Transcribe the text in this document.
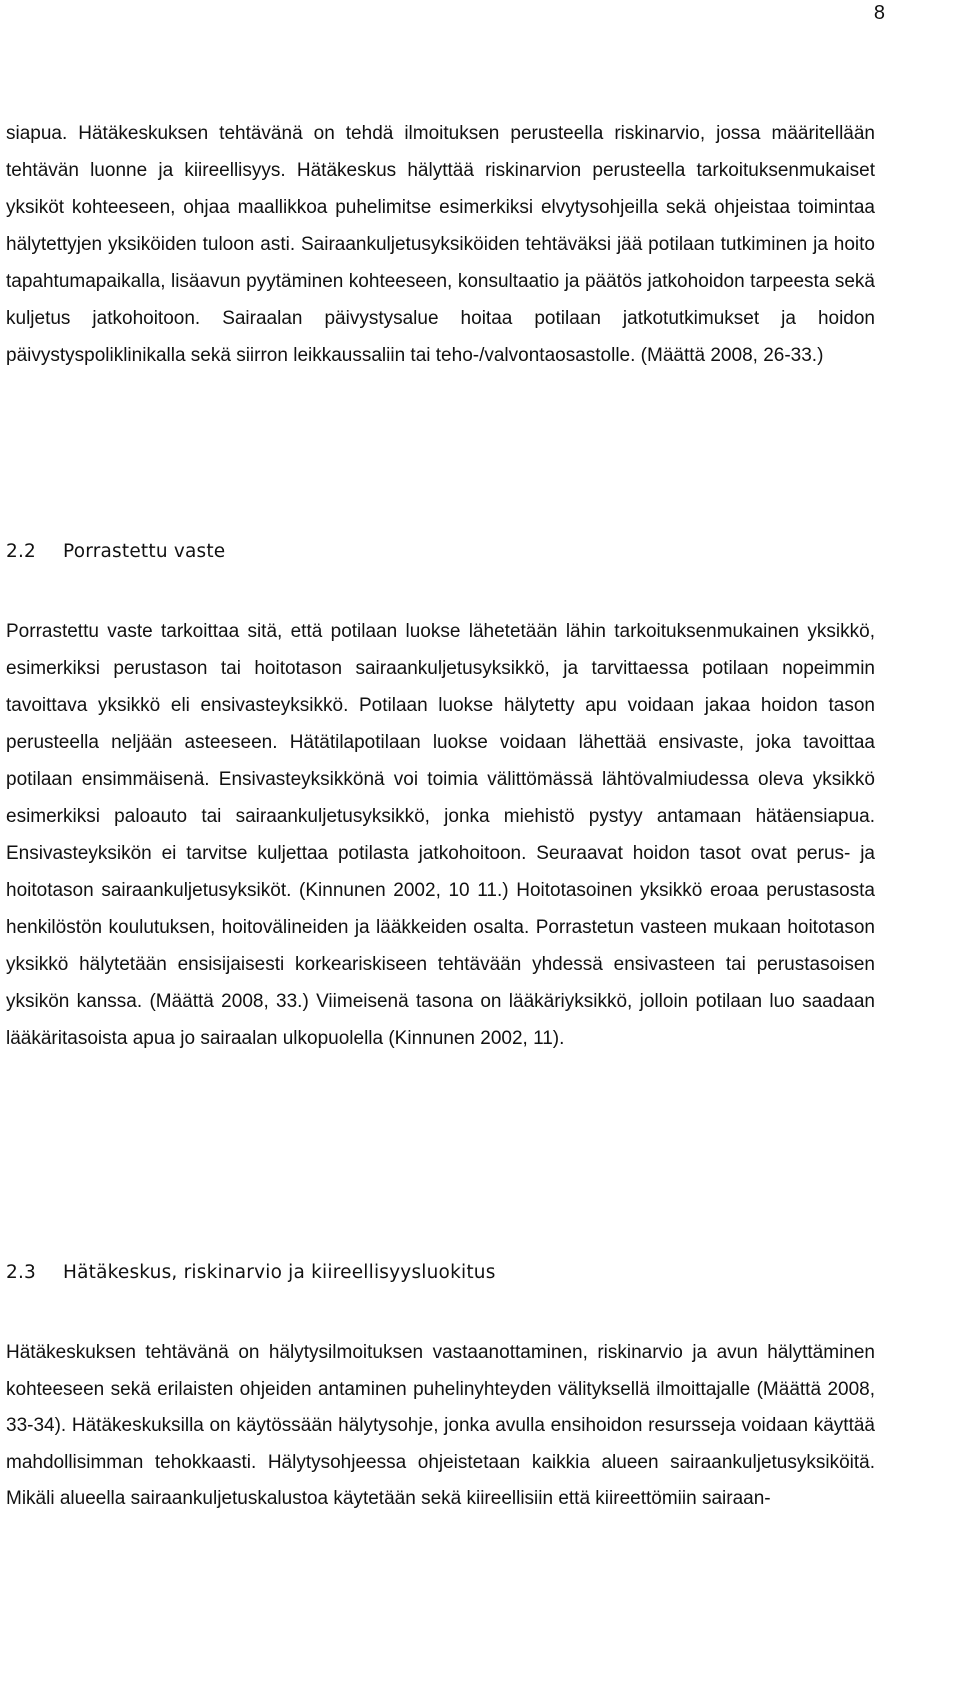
8

siapua. Hätäkeskuksen tehtävänä on tehdä ilmoituksen perusteella riskinarvio, jossa määritellään tehtävän luonne ja kiireellisyys. Hätäkeskus hälyttää riskinarvion perusteella tarkoituksenmukaiset yksiköt kohteeseen, ohjaa maallikkoa puhelimitse esimerkiksi elvytysohjeilla sekä ohjeistaa toimintaa hälytettyjen yksiköiden tuloon asti. Sairaankuljetusyksiköiden tehtäväksi jää potilaan tutkiminen ja hoito tapahtumapaikalla, lisäavun pyytäminen kohteeseen, konsultaatio ja päätös jatkohoidon tarpeesta sekä kuljetus jatkohoitoon. Sairaalan päivystysalue hoitaa potilaan jatkotutkimukset ja hoidon päivystyspoliklinikalla sekä siirron leikkaussaliin tai teho-/valvontaosastolle. (Määttä 2008, 26-33.)

2.2 Porrastettu vaste

Porrastettu vaste tarkoittaa sitä, että potilaan luokse lähetetään lähin tarkoituksenmukainen yksikkö, esimerkiksi perustason tai hoitotason sairaankuljetusyksikkö, ja tarvittaessa potilaan nopeimmin tavoittava yksikkö eli ensivasteyksikkö. Potilaan luokse hälytetty apu voidaan jakaa hoidon tason perusteella neljään asteeseen. Hätätilapotilaan luokse voidaan lähettää ensivaste, joka tavoittaa potilaan ensimmäisenä. Ensivasteyksikkönä voi toimia välittömässä lähtövalmiudessa oleva yksikkö esimerkiksi paloauto tai sairaankuljetusyksikkö, jonka miehistö pystyy antamaan hätäensiapua. Ensivasteyksikön ei tarvitse kuljettaa potilasta jatkohoitoon. Seuraavat hoidon tasot ovat perus- ja hoitotason sairaankuljetusyksiköt. (Kinnunen 2002, 10 11.) Hoitotasoinen yksikkö eroaa perustasosta henkilöstön koulutuksen, hoitovälineiden ja lääkkeiden osalta. Porrastetun vasteen mukaan hoitotason yksikkö hälytetään ensisijaisesti korkeariskiseen tehtävään yhdessä ensivasteen tai perustasoisen yksikön kanssa. (Määttä 2008, 33.) Viimeisenä tasona on lääkäriyksikkö, jolloin potilaan luo saadaan lääkäritasoista apua jo sairaalan ulkopuolella (Kinnunen 2002, 11).

2.3 Hätäkeskus, riskinarvio ja kiireellisyysluokitus

Hätäkeskuksen tehtävänä on hälytysilmoituksen vastaanottaminen, riskinarvio ja avun hälyttäminen kohteeseen sekä erilaisten ohjeiden antaminen puhelinyhteyden välityksellä ilmoittajalle (Määttä 2008, 33-34). Hätäkeskuksilla on käytössään hälytysohje, jonka avulla ensihoidon resursseja voidaan käyttää mahdollisimman tehokkaasti. Hälytysohjeessa ohjeistetaan kaikkia alueen sairaankuljetusyksiköitä. Mikäli alueella sairaankuljetuskalustoa käytetään sekä kiireellisiin että kiireettömiin sairaan-
